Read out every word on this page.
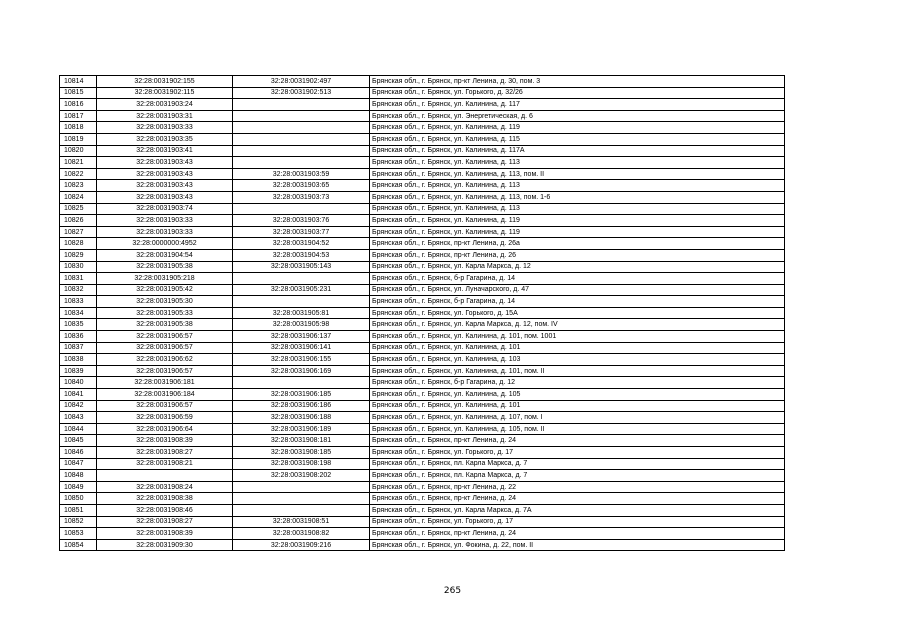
10814	32:28:0031902:155	32:28:0031902:497	Брянская обл., г. Брянск, пр-кт Ленина, д. 30, пом. 3
10815	32:28:0031902:115	32:28:0031902:513	Брянская обл., г. Брянск, ул. Горького, д. 32/26
10816	32:28:0031903:24		Брянская обл., г. Брянск, ул. Калинина, д. 117
10817	32:28:0031903:31		Брянская обл., г. Брянск, ул. Энергетическая, д. 6
10818	32:28:0031903:33		Брянская обл., г. Брянск, ул. Калинина, д. 119
10819	32:28:0031903:35		Брянская обл., г. Брянск, ул. Калинина, д. 115
10820	32:28:0031903:41		Брянская обл., г. Брянск, ул. Калинина, д. 117А
10821	32:28:0031903:43		Брянская обл., г. Брянск, ул. Калинина, д. 113
10822	32:28:0031903:43	32:28:0031903:59	Брянская обл., г. Брянск, ул. Калинина, д. 113, пом. II
10823	32:28:0031903:43	32:28:0031903:65	Брянская обл., г. Брянск, ул. Калинина, д. 113
10824	32:28:0031903:43	32:28:0031903:73	Брянская обл., г. Брянск, ул. Калинина, д. 113, пом. 1-6
10825	32:28:0031903:74		Брянская обл., г. Брянск, ул. Калинина, д. 113
10826	32:28:0031903:33	32:28:0031903:76	Брянская обл., г. Брянск, ул. Калинина, д. 119
10827	32:28:0031903:33	32:28:0031903:77	Брянская обл., г. Брянск, ул. Калинина, д. 119
10828	32:28:0000000:4952	32:28:0031904:52	Брянская обл., г. Брянск, пр-кт Ленина, д. 26а
10829	32:28:0031904:54	32:28:0031904:53	Брянская обл., г. Брянск, пр-кт Ленина, д. 26
10830	32:28:0031905:38	32:28:0031905:143	Брянская обл., г. Брянск, ул. Карла Маркса, д. 12
10831	32:28:0031905:218		Брянская обл., г. Брянск, б-р Гагарина, д. 14
10832	32:28:0031905:42	32:28:0031905:231	Брянская обл., г. Брянск, ул. Луначарского, д. 47
10833	32:28:0031905:30		Брянская обл., г. Брянск, б-р Гагарина, д. 14
10834	32:28:0031905:33	32:28:0031905:81	Брянская обл., г. Брянск, ул. Горького, д. 15А
10835	32:28:0031905:38	32:28:0031905:98	Брянская обл., г. Брянск, ул. Карла Маркса, д. 12, пом. IV
10836	32:28:0031906:57	32:28:0031906:137	Брянская обл., г. Брянск, ул. Калинина, д. 101, пом. 1001
10837	32:28:0031906:57	32:28:0031906:141	Брянская обл., г. Брянск, ул. Калинина, д. 101
10838	32:28:0031906:62	32:28:0031906:155	Брянская обл., г. Брянск, ул. Калинина, д. 103
10839	32:28:0031906:57	32:28:0031906:169	Брянская обл., г. Брянск, ул. Калинина, д. 101, пом. II
10840	32:28:0031906:181		Брянская обл., г. Брянск, б-р Гагарина, д. 12
10841	32:28:0031906:184	32:28:0031906:185	Брянская обл., г. Брянск, ул. Калинина, д. 105
10842	32:28:0031906:57	32:28:0031906:186	Брянская обл., г. Брянск, ул. Калинина, д. 101
10843	32:28:0031906:59	32:28:0031906:188	Брянская обл., г. Брянск, ул. Калинина, д. 107, пом. I
10844	32:28:0031906:64	32:28:0031906:189	Брянская обл., г. Брянск, ул. Калинина, д. 105, пом. II
10845	32:28:0031908:39	32:28:0031908:181	Брянская обл., г. Брянск, пр-кт Ленина, д. 24
10846	32:28:0031908:27	32:28:0031908:185	Брянская обл., г. Брянск, ул. Горького, д. 17
10847	32:28:0031908:21	32:28:0031908:198	Брянская обл., г. Брянск, пл. Карла Маркса, д. 7
10848		32:28:0031908:202	Брянская обл., г. Брянск, пл. Карла Маркса, д. 7
10849	32:28:0031908:24		Брянская обл., г. Брянск, пр-кт Ленина, д. 22
10850	32:28:0031908:38		Брянская обл., г. Брянск, пр-кт Ленина, д. 24
10851	32:28:0031908:46		Брянская обл., г. Брянск, ул. Карла Маркса, д. 7А
10852	32:28:0031908:27	32:28:0031908:51	Брянская обл., г. Брянск, ул. Горького, д. 17
10853	32:28:0031908:39	32:28:0031908:82	Брянская обл., г. Брянск, пр-кт Ленина, д. 24
10854	32:28:0031909:30	32:28:0031909:216	Брянская обл., г. Брянск, ул. Фокина, д. 22, пом. II
265
